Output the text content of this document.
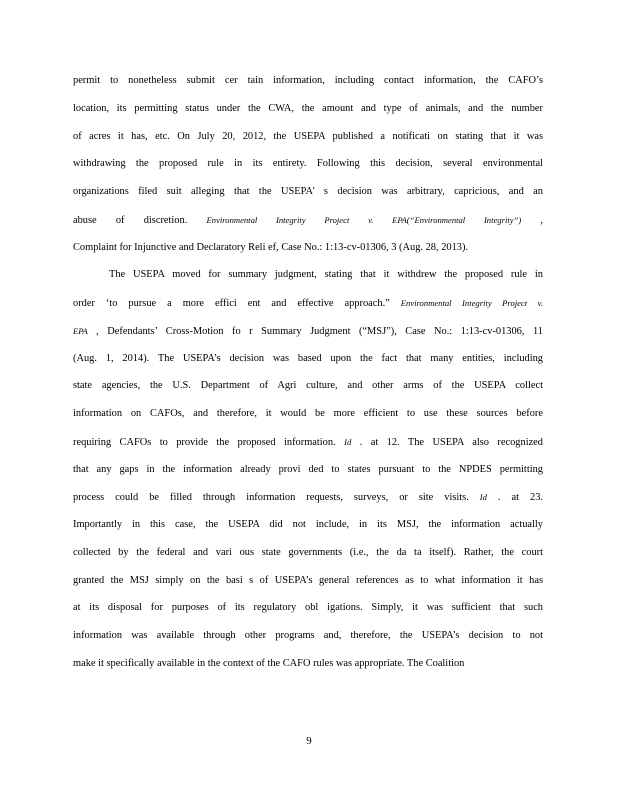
permit to nonetheless submit cer tain information, including contact information, the CAFO’s
location, its permitting status under the CWA, the amount and type of animals, and the number
of acres it has, etc. On July 20, 2012, the USEPA published a notificati on stating that it was
withdrawing the proposed rule in its entirety. Following this decision, several environmental
organizations filed suit alleging that the USEPA’ s decision was arbitrary, capricious, and an
abuse of discretion. Environmental Integrity Project v. EPA(“Environmental Integrity”) ,
Complaint for Injunctive and Declaratory Reli ef, Case No.: 1:13-cv-01306, 3 (Aug. 28, 2013).
The USEPA moved for summary judgment, stating that it withdrew the proposed rule in
order ‘to pursue a more effici ent and effective approach.” Environmental Integrity Project v.
EPA , Defendants’ Cross-Motion fo r Summary Judgment (“MSJ”), Case No.: 1:13-cv-01306, 11
(Aug. 1, 2014). The USEPA’s decision was based upon the fact that many entities, including
state agencies, the U.S. Department of Agri culture, and other arms of the USEPA collect
information on CAFOs, and therefore, it would be more efficient to use these sources before
requiring CAFOs to provide the proposed information. Id . at 12. The USEPA also recognized
that any gaps in the information already provi ded to states pursuant to the NPDES permitting
process could be filled through information requests, surveys, or site visits. Id . at 23.
Importantly in this case, the USEPA did not include, in its MSJ, the information actually
collected by the federal and vari ous state governments (i.e., the da ta itself). Rather, the court
granted the MSJ simply on the basi s of USEPA’s general references as to what information it has
at its disposal for purposes of its regulatory obl igations. Simply, it was sufficient that such
information was available through other programs and, therefore, the USEPA’s decision to not
make it specifically available in the context of the CAFO rules was appropriate. The Coalition
9
